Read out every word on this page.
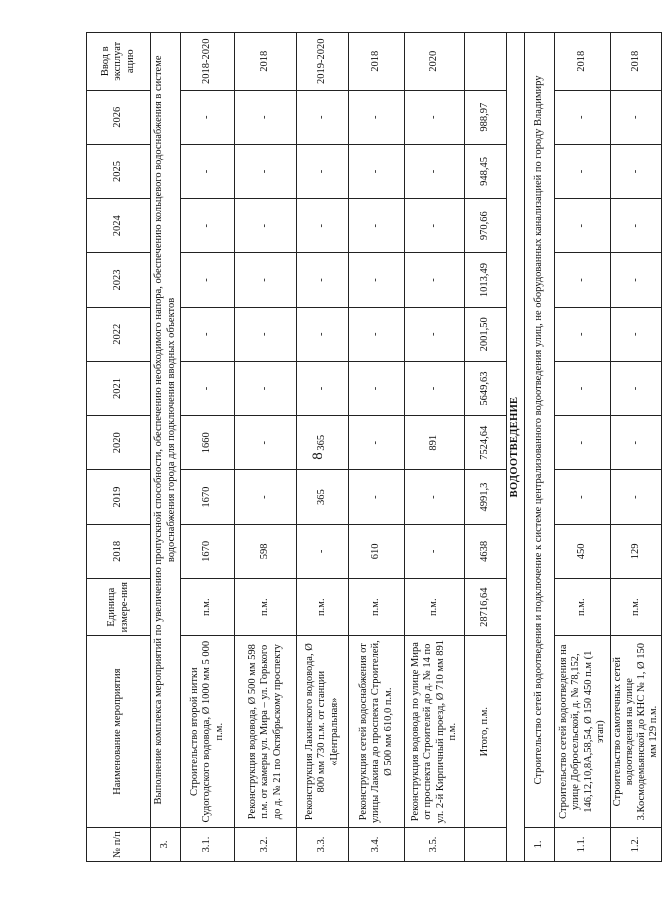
8
№ п/п	Наименование мероприятия	Единица измере-ния	2018	2019	2020	2021	2022	2023	2024	2025	2026	Ввод в эксплуат ацию
3.	Выполнение комплекса мероприятий по увеличению пропускной способности, обеспечению необходимого напора, обеспечению кольцевого водоснабжения в системе водоснабжения города для подключения вводных объектов											
3.1.	Строительство второй нитки Судогодского водовода, Ø 1000 мм 5 000 п.м.	п.м.	1670	1670	1660	-	-	-	-	-	-	2018-2020
3.2.	Реконструкция водовода, Ø 500 мм 598 п.м. от камеры ул. Мира – ул. Горького до д. № 21 по Октябрьскому проспекту	п.м.	598	-	-	-	-	-	-	-	-	2018
3.3.	Реконструкция Лакинского водовода, Ø 800 мм 730 п.м. от станции «Центральная»	п.м.	-	365	365	-	-	-	-	-	-	2019-2020
3.4.	Реконструкция сетей водоснабжения от улицы Лакина до проспекта Строителей, Ø 500 мм 610,0 п.м.	п.м.	610	-	-	-	-	-	-	-	-	2018
3.5.	Реконструкция водовода по улице Мира от проспекта Строителей до д. № 14 по ул. 2-й Кирпичный проезд, Ø 710 мм 891 п.м.	п.м.	-	-	891	-	-	-	-	-	-	2020
	Итого, п.м.	28716,64	4638	4991,3	7524,64	5649,63	2001,50	1013,49	970,66	948,45	988,97	
ВОДООТВЕДЕНИЕ												
1.	Строительство сетей водоотведения и подключение к системе централизованного водоотведения улиц, не оборудованных канализацией по городу Владимиру											
1.1.	Строительство сетей водоотведения на улице Добросельской, д. № 78,152, 146,12,10,8А,58,54, Ø 150 450 п.м (1 этап)	п.м.	450	-	-	-	-	-	-	-	-	2018
1.2.	Строительство самотечных сетей водоотведения на улице 3.Космодемьянской до КНС № 1, Ø 150 мм 129 п.м.	п.м.	129	-	-	-	-	-	-	-	-	2018
